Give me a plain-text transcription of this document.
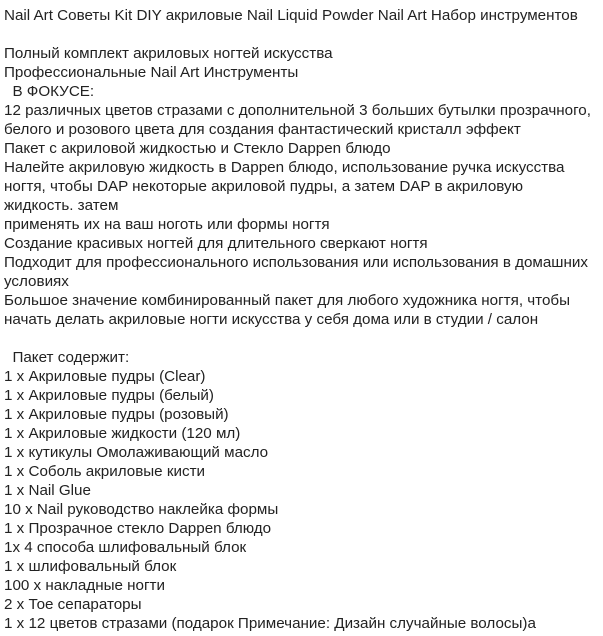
Nail Art Советы Kit DIY акриловые Nail Liquid Powder Nail Art Набор инструментов
Полный комплект акриловых ногтей искусства
Профессиональные Nail Art Инструменты
В ФОКУСЕ:
12 различных цветов стразами с дополнительной 3 больших бутылки прозрачного,
белого и розового цвета для создания фантастический кристалл эффект
Пакет с акриловой жидкостью и Стекло Dappen блюдо
Налейте акриловую жидкость в Dappen блюдо, использование ручка искусства
ногтя, чтобы DAP некоторые акриловой пудры, а затем DAP в акриловую
жидкость. затем
применять их на ваш ноготь или формы ногтя
Создание красивых ногтей для длительного сверкают ногтя
Подходит для профессионального использования или использования в домашних
условиях
Большое значение комбинированный пакет для любого художника ногтя, чтобы
начать делать акриловые ногти искусства у себя дома или в студии / салон
Пакет содержит:
1 х Акриловые пудры (Clear)
1 х Акриловые пудры (белый)
1 х Акриловые пудры (розовый)
1 х Акриловые жидкости (120 мл)
1 х кутикулы Омолаживающий масло
1 х Соболь акриловые кисти
1 х Nail Glue
10 х Nail руководство наклейка формы
1 х Прозрачное стекло Dappen блюдо
1х 4 способа шлифовальный блок
1 х шлифовальный блок
100 х накладные ногти
2 х Тое сепараторы
1 х 12 цветов стразами (подарок Примечание: Дизайн случайные волосы)а
